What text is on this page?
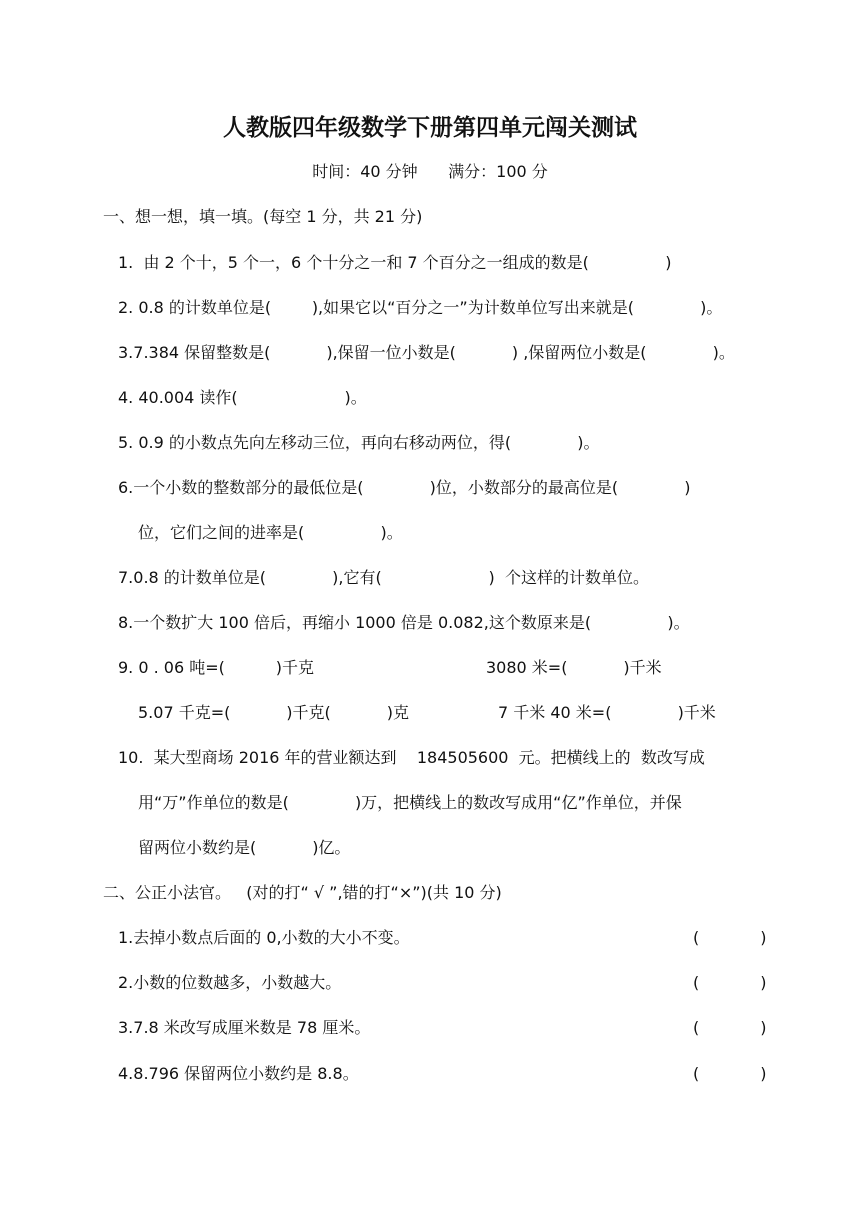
人教版四年级数学下册第四单元闯关测试
时间：40 分钟      满分：100 分
一、想一想，填一填。(每空 1 分，共 21 分)
1.  由 2 个十，5 个一，6 个十分之一和 7 个百分之一组成的数是(               )
2. 0.8 的计数单位是(        ),如果它以“百分之一”为计数单位写出来就是(             )。
3.7.384 保留整数是(           ),保留一位小数是(           ) ,保留两位小数是(             )。
4. 40.004 读作(                     )。
5. 0.9 的小数点先向左移动三位，再向右移动两位，得(             )。
6.一个小数的整数部分的最低位是(             )位，小数部分的最高位是(             )
位，它们之间的进率是(               )。
7.0.8 的计数单位是(             ),它有(                     )  个这样的计数单位。
8.一个数扩大 100 倍后，再缩小 1000 倍是 0.082,这个数原来是(               )。
9. 0 . 06 吨=(          )千克	3080 米=(           )千米
5.07 千克=(           )千克(           )克	7 千米 40 米=(             )千米
10.  某大型商场 2016 年的营业额达到    184505600  元。把横线上的  数改写成
用“万”作单位的数是(             )万，把横线上的数改写成用“亿”作单位，并保
留两位小数约是(           )亿。
二、公正小法官。   (对的打“ √ ”,错的打“×”)(共 10 分)
1.去掉小数点后面的 0,小数的大小不变。	(            )
2.小数的位数越多，小数越大。	(            )
3.7.8 米改写成厘米数是 78 厘米。	(            )
4.8.796 保留两位小数约是 8.8。	(            )
